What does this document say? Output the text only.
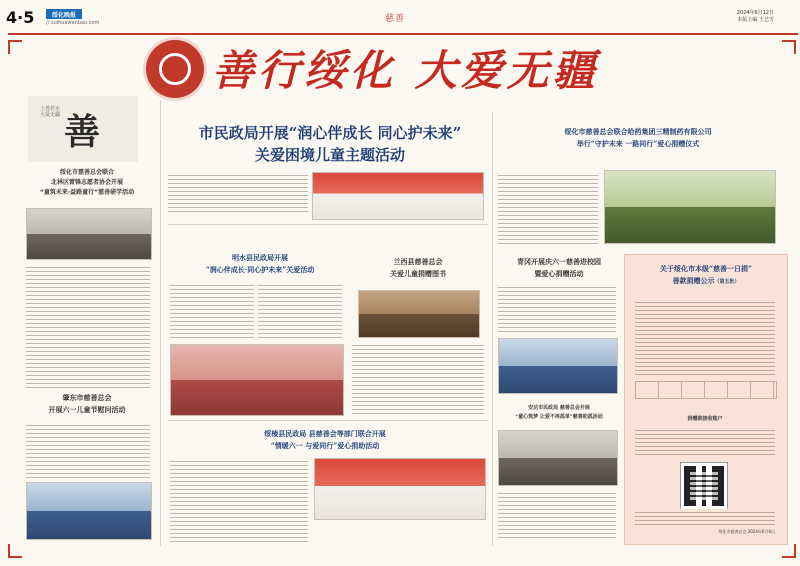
4·5	绥化晚报
// suihuawanbao.com	慈善
2024年6月12日
本版主编 王艺雪
善行绥化 大爱无疆
上善若水 大爱无疆 善
绥化市慈善总会联合
北林区雷锋志愿者协会开展
“童筑未来·益路童行”慈善研学活动
肇东市慈善总会
开展六一儿童节慰问活动
市民政局开展“润心伴成长 同心护未来”
关爱困境儿童主题活动
绥化市慈善总会联合哈药集团三精制药有限公司
举行“守护未来 一路同行”爱心捐赠仪式
明水县民政局开展
“润心伴成长·同心护未来”关爱活动
兰西县慈善总会
关爱儿童捐赠图书
绥棱县民政局 县慈善会等部门联合开展
“情暖六一 与爱同行”爱心捐助活动
青冈开展庆六一慈善进校园
暨爱心捐赠活动
安达市民政局 慈善总会开展
“童心筑梦 让爱不再孤单”慈善助孤活动
关于绥化市本级“慈善一日捐”
善款捐赠公示（第五批）
捐赠款接收账户
绥化市慈善总会 2024年6月6日
